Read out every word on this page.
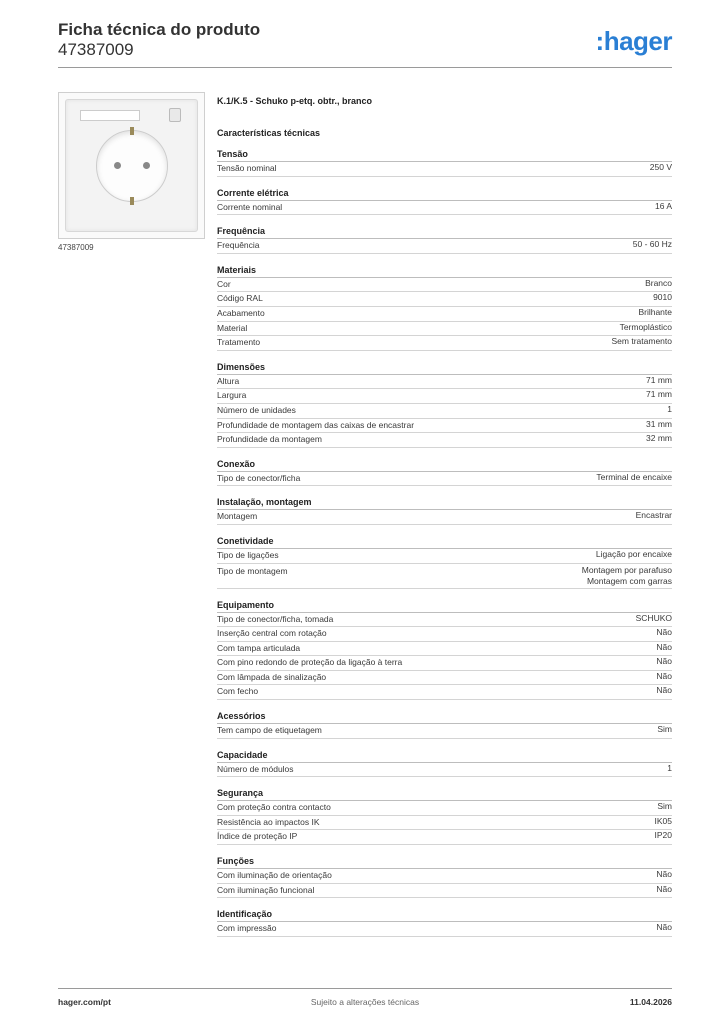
Ficha técnica do produto
47387009	:hager
47387009
K.1/K.5 - Schuko p-etq. obtr., branco
Características técnicas
Tensão
Tensão nominal	250 V
Corrente elétrica
Corrente nominal	16 A
Frequência
Frequência	50 - 60 Hz
Materiais
Cor	Branco
Código RAL	9010
Acabamento	Brilhante
Material	Termoplástico
Tratamento	Sem tratamento
Dimensões
Altura	71 mm
Largura	71 mm
Número de unidades	1
Profundidade de montagem das caixas de encastrar	31 mm
Profundidade da montagem	32 mm
Conexão
Tipo de conector/ficha	Terminal de encaixe
Instalação, montagem
Montagem	Encastrar
Conetividade
Tipo de ligações	Ligação por encaixe
Tipo de montagem	Montagem por parafuso
Montagem com garras
Equipamento
Tipo de conector/ficha, tomada	SCHUKO
Inserção central com rotação	Não
Com tampa articulada	Não
Com pino redondo de proteção da ligação à terra	Não
Com lâmpada de sinalização	Não
Com fecho	Não
Acessórios
Tem campo de etiquetagem	Sim
Capacidade
Número de módulos	1
Segurança
Com proteção contra contacto	Sim
Resistência ao impactos IK	IK05
Índice de proteção IP	IP20
Funções
Com iluminação de orientação	Não
Com iluminação funcional	Não
Identificação
Com impressão	Não
hager.com/pt	Sujeito a alterações técnicas	11.04.2026
